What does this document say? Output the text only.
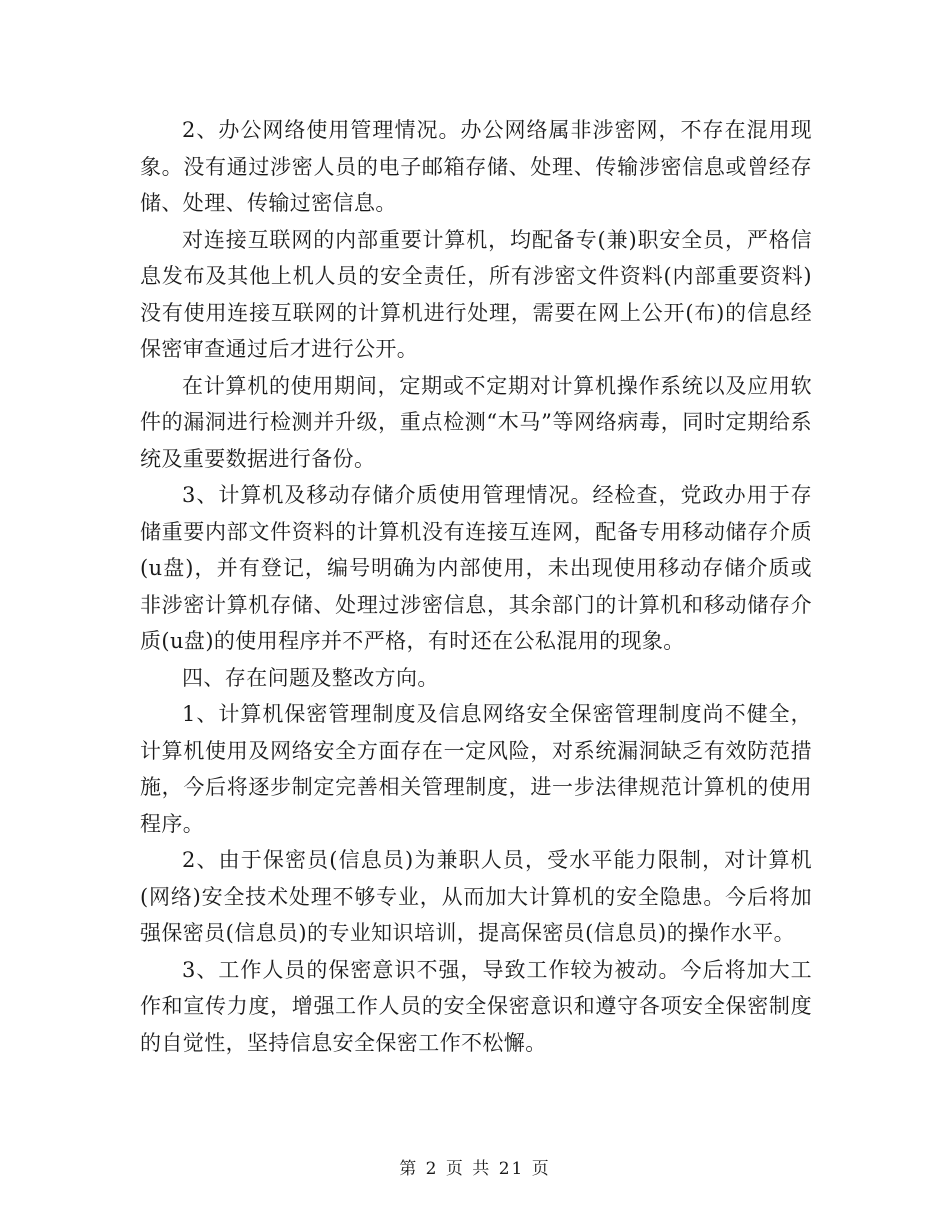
2、办公网络使用管理情况。办公网络属非涉密网，不存在混用现象。没有通过涉密人员的电子邮箱存储、处理、传输涉密信息或曾经存储、处理、传输过密信息。

对连接互联网的内部重要计算机，均配备专(兼)职安全员，严格信息发布及其他上机人员的安全责任，所有涉密文件资料(内部重要资料)没有使用连接互联网的计算机进行处理，需要在网上公开(布)的信息经保密审查通过后才进行公开。

在计算机的使用期间，定期或不定期对计算机操作系统以及应用软件的漏洞进行检测并升级，重点检测“木马”等网络病毒，同时定期给系统及重要数据进行备份。

3、计算机及移动存储介质使用管理情况。经检查，党政办用于存储重要内部文件资料的计算机没有连接互连网，配备专用移动储存介质(u盘)，并有登记，编号明确为内部使用，未出现使用移动存储介质或非涉密计算机存储、处理过涉密信息，其余部门的计算机和移动储存介质(u盘)的使用程序并不严格，有时还在公私混用的现象。

四、存在问题及整改方向。

1、计算机保密管理制度及信息网络安全保密管理制度尚不健全，计算机使用及网络安全方面存在一定风险，对系统漏洞缺乏有效防范措施，今后将逐步制定完善相关管理制度，进一步法律规范计算机的使用程序。

2、由于保密员(信息员)为兼职人员，受水平能力限制，对计算机(网络)安全技术处理不够专业，从而加大计算机的安全隐患。今后将加强保密员(信息员)的专业知识培训，提高保密员(信息员)的操作水平。

3、工作人员的保密意识不强，导致工作较为被动。今后将加大工作和宣传力度，增强工作人员的安全保密意识和遵守各项安全保密制度的自觉性，坚持信息安全保密工作不松懈。

第 2 页 共 21 页
